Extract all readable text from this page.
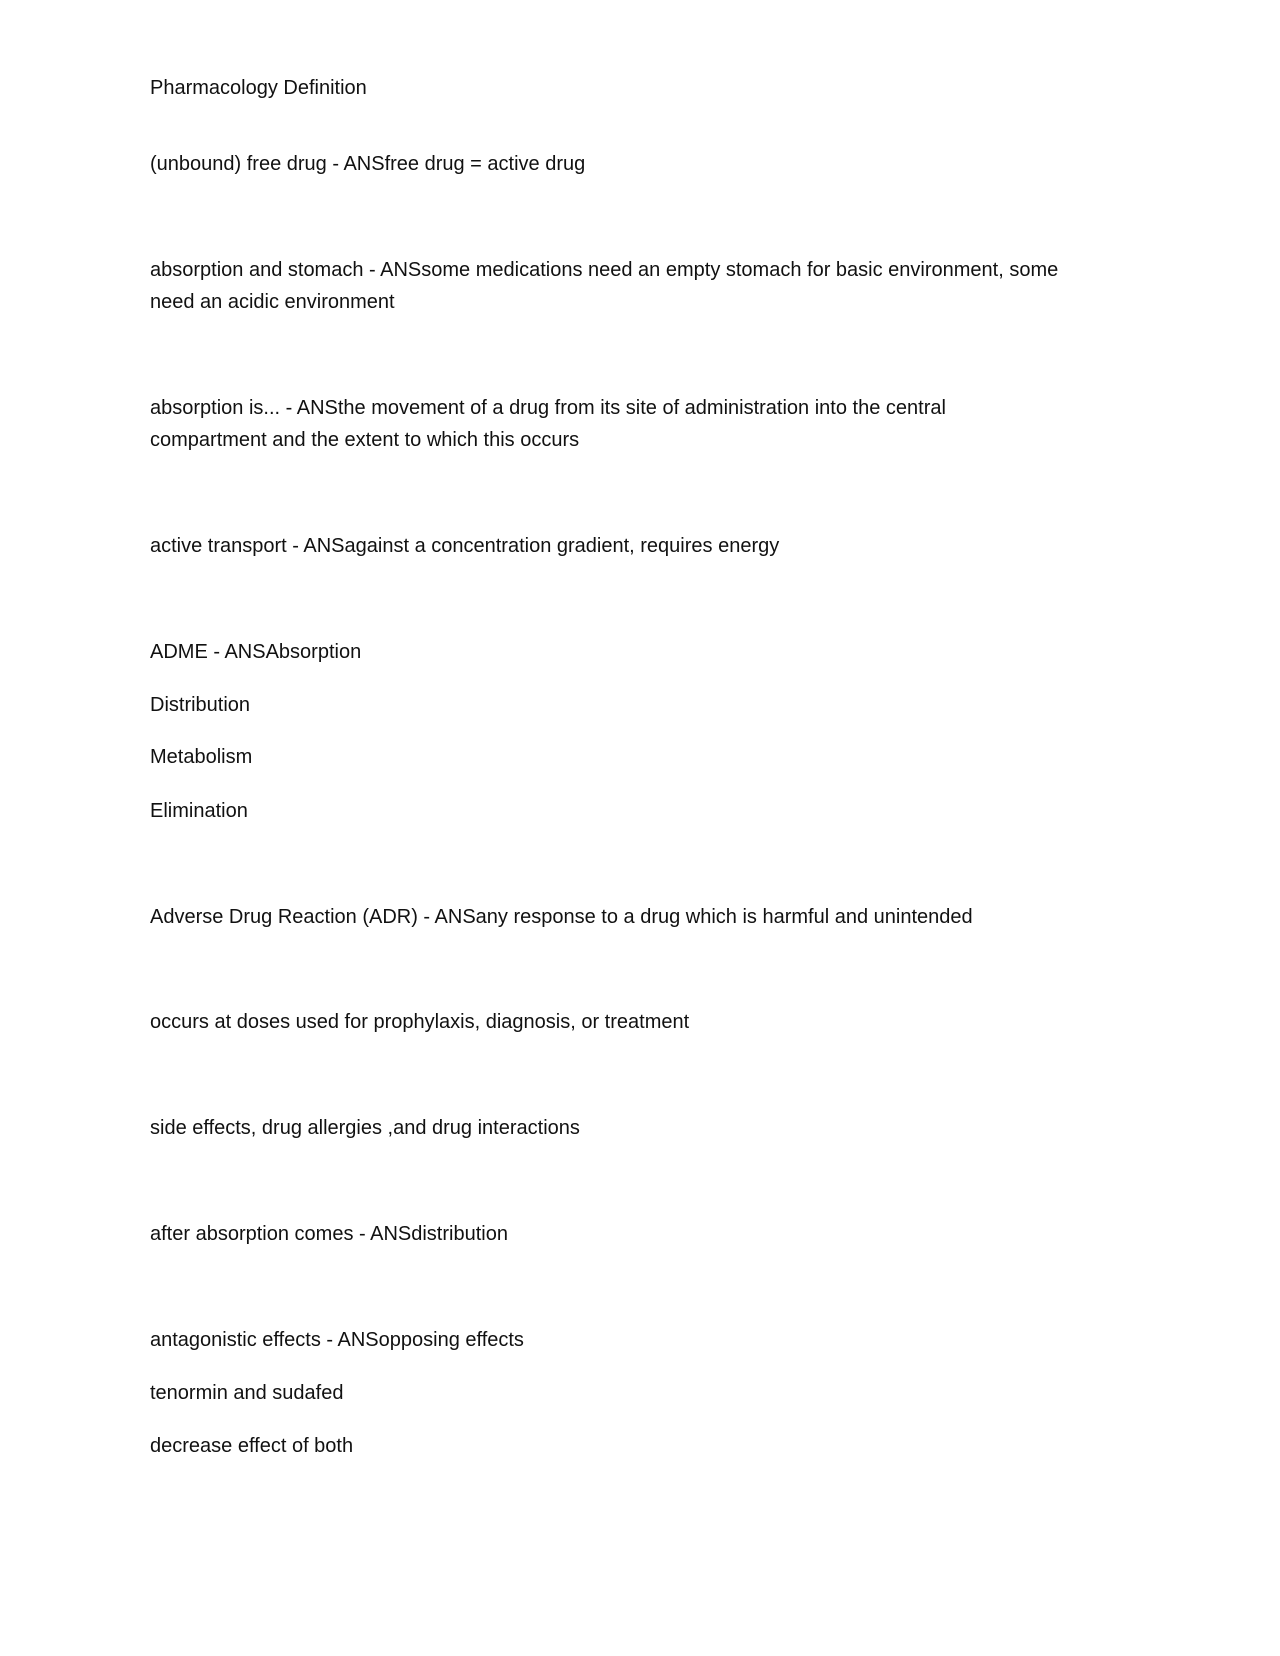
Pharmacology Definition
(unbound) free drug - ANSfree drug = active drug
absorption and stomach - ANSsome medications need an empty stomach for basic environment, some
need an acidic environment
absorption is... - ANSthe movement of a drug from its site of administration into the central
compartment and the extent to which this occurs
active transport - ANSagainst a concentration gradient, requires energy
ADME - ANSAbsorption
Distribution
Metabolism
Elimination
Adverse Drug Reaction (ADR) - ANSany response to a drug which is harmful and unintended
occurs at doses used for prophylaxis, diagnosis, or treatment
side effects, drug allergies ,and drug interactions
after absorption comes - ANSdistribution
antagonistic effects - ANSopposing effects
tenormin and sudafed
decrease effect of both
